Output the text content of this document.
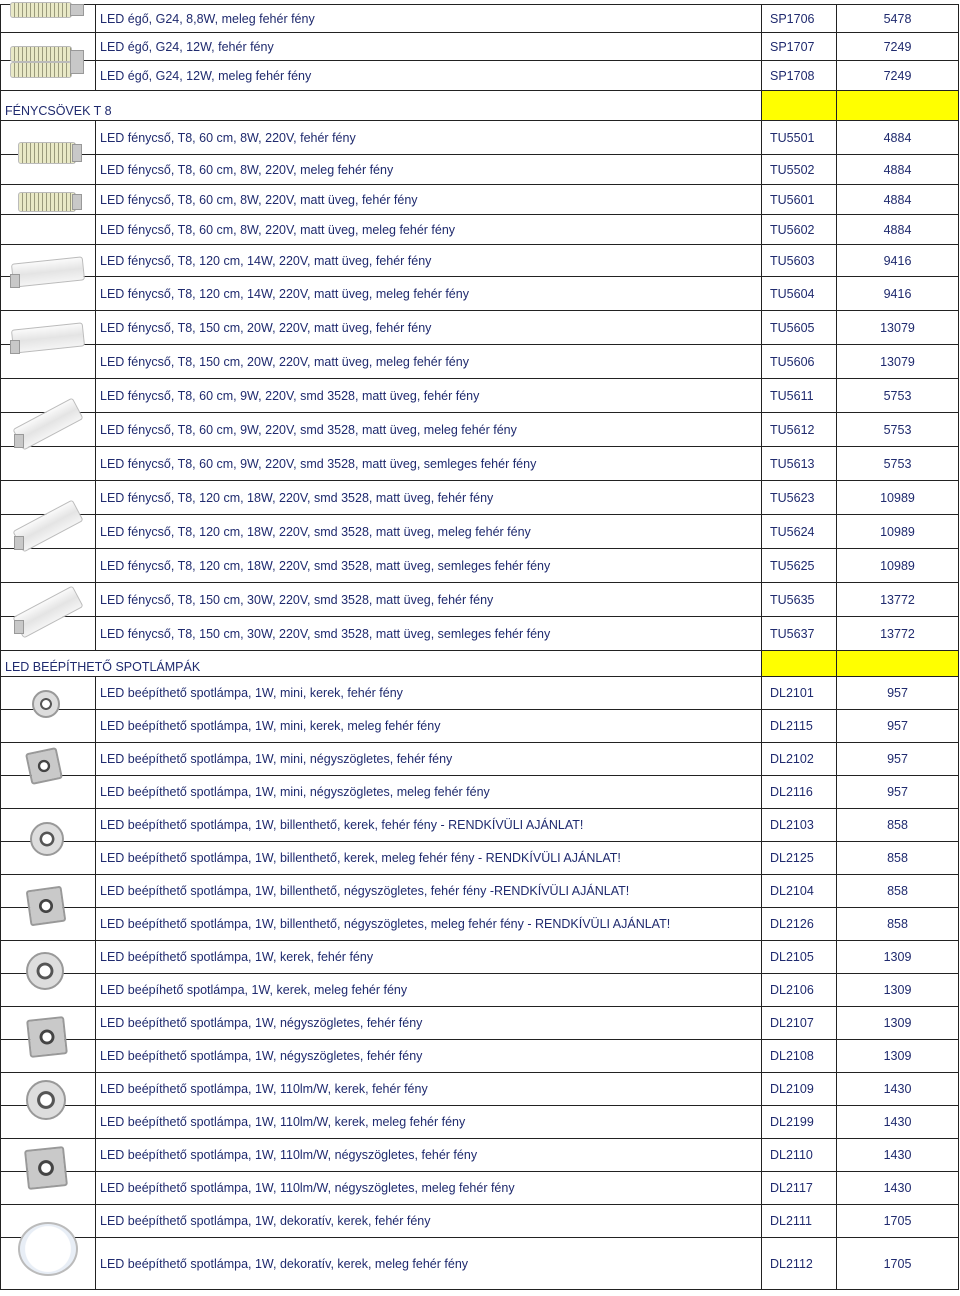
	LED égő, G24, 8,8W, meleg fehér fény	SP1706	5478
	LED égő, G24, 12W, fehér fény	SP1707	7249
	LED égő, G24, 12W, meleg fehér fény	SP1708	7249
FÉNYCSÖVEK T 8			
	LED fénycső, T8, 60 cm, 8W, 220V, fehér fény	TU5501	4884
	LED fénycső, T8, 60 cm, 8W, 220V, meleg fehér fény	TU5502	4884
	LED fénycső, T8, 60 cm, 8W, 220V, matt üveg, fehér fény	TU5601	4884
	LED fénycső, T8, 60 cm, 8W, 220V, matt üveg, meleg fehér fény	TU5602	4884
	LED fénycső, T8, 120 cm, 14W, 220V, matt üveg, fehér fény	TU5603	9416
	LED fénycső, T8, 120 cm, 14W, 220V, matt üveg, meleg fehér fény	TU5604	9416
	LED fénycső, T8, 150 cm, 20W, 220V, matt üveg, fehér fény	TU5605	13079
	LED fénycső, T8, 150 cm, 20W, 220V, matt üveg, meleg fehér fény	TU5606	13079
	LED fénycső, T8, 60 cm, 9W, 220V, smd 3528, matt üveg, fehér fény	TU5611	5753
	LED fénycső, T8, 60 cm, 9W, 220V, smd 3528, matt üveg, meleg fehér fény	TU5612	5753
	LED fénycső, T8, 60 cm, 9W, 220V, smd 3528, matt üveg, semleges fehér fény	TU5613	5753
	LED fénycső, T8, 120 cm, 18W, 220V, smd 3528, matt üveg, fehér fény	TU5623	10989
	LED fénycső, T8, 120 cm, 18W, 220V, smd 3528, matt üveg, meleg fehér fény	TU5624	10989
	LED fénycső, T8, 120 cm, 18W, 220V, smd 3528, matt üveg, semleges fehér fény	TU5625	10989
	LED fénycső, T8, 150 cm, 30W, 220V, smd 3528, matt üveg, fehér fény	TU5635	13772
	LED fénycső, T8, 150 cm, 30W, 220V, smd 3528, matt üveg, semleges fehér fény	TU5637	13772
LED BEÉPÍTHETŐ SPOTLÁMPÁK			
	LED beépíthető spotlámpa, 1W, mini, kerek, fehér fény	DL2101	957
	LED beépíthető spotlámpa, 1W, mini, kerek, meleg fehér fény	DL2115	957
	LED beépíthető spotlámpa, 1W, mini, négyszögletes, fehér fény	DL2102	957
	LED beépíthető spotlámpa, 1W, mini, négyszögletes, meleg fehér fény	DL2116	957
	LED beépíthető spotlámpa, 1W, billenthető, kerek, fehér fény - RENDKÍVÜLI AJÁNLAT!	DL2103	858
	LED beépíthető spotlámpa, 1W, billenthető, kerek, meleg fehér fény - RENDKÍVÜLI AJÁNLAT!	DL2125	858
	LED beépíthető spotlámpa, 1W, billenthető, négyszögletes, fehér fény -RENDKÍVÜLI AJÁNLAT!	DL2104	858
	LED beépíthető spotlámpa, 1W, billenthető, négyszögletes, meleg fehér fény - RENDKÍVÜLI AJÁNLAT!	DL2126	858
	LED beépíthető spotlámpa, 1W, kerek, fehér fény	DL2105	1309
	LED beépíhető spotlámpa, 1W, kerek, meleg fehér fény	DL2106	1309
	LED beépíthető spotlámpa, 1W, négyszögletes, fehér fény	DL2107	1309
	LED beépíthető spotlámpa, 1W, négyszögletes, fehér fény	DL2108	1309
	LED beépíthető spotlámpa, 1W, 110lm/W, kerek, fehér fény	DL2109	1430
	LED beépíthető spotlámpa, 1W, 110lm/W, kerek, meleg fehér fény	DL2199	1430
	LED beépíthető spotlámpa, 1W, 110lm/W, négyszögletes, fehér fény	DL2110	1430
	LED beépíthető spotlámpa, 1W, 110lm/W, négyszögletes, meleg fehér fény	DL2117	1430
	LED beépíthető spotlámpa, 1W, dekoratív, kerek, fehér fény	DL2111	1705
	LED beépíthető spotlámpa, 1W, dekoratív, kerek, meleg fehér fény	DL2112	1705
